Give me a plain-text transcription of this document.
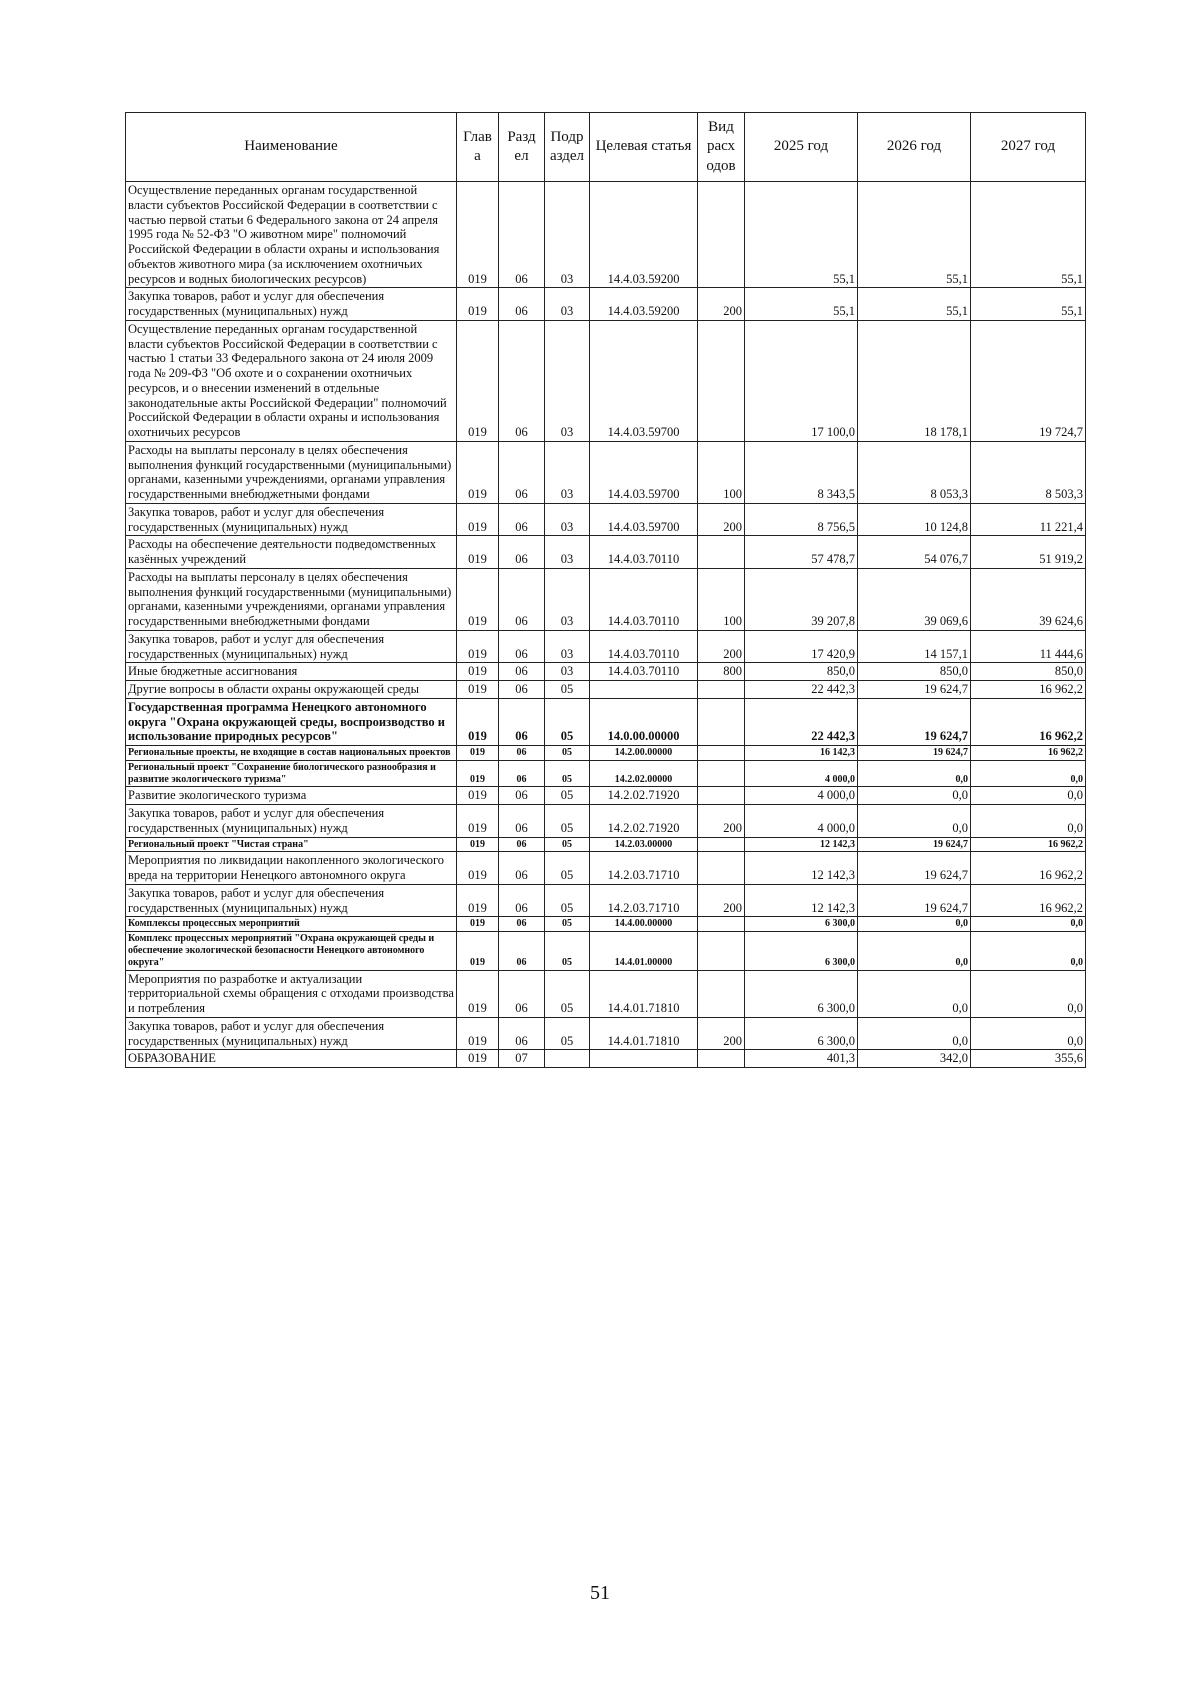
Наименование	Глав а	Разд ел	Подр аздел	Целевая статья	Вид расх одов	2025 год	2026 год	2027 год
Осуществление переданных органам государственной власти субъектов Российской Федерации в соответствии с частью первой статьи 6 Федерального закона от 24 апреля 1995 года № 52-ФЗ "О животном мире" полномочий Российской Федерации в области охраны и использования объектов животного мира (за исключением охотничьих ресурсов и водных биологических ресурсов)	019	06	03	14.4.03.59200		55,1	55,1	55,1
Закупка товаров, работ и услуг для обеспечения государственных (муниципальных) нужд	019	06	03	14.4.03.59200	200	55,1	55,1	55,1
Осуществление переданных органам государственной власти субъектов Российской Федерации в соответствии с частью 1 статьи 33 Федерального закона от 24 июля 2009 года № 209-ФЗ "Об охоте и о сохранении охотничьих ресурсов, и о внесении изменений в отдельные законодательные акты Российской Федерации" полномочий Российской Федерации в области охраны и использования охотничьих ресурсов	019	06	03	14.4.03.59700		17 100,0	18 178,1	19 724,7
Расходы на выплаты персоналу в целях обеспечения выполнения функций государственными (муниципальными) органами, казенными учреждениями, органами управления государственными внебюджетными фондами	019	06	03	14.4.03.59700	100	8 343,5	8 053,3	8 503,3
Закупка товаров, работ и услуг для обеспечения государственных (муниципальных) нужд	019	06	03	14.4.03.59700	200	8 756,5	10 124,8	11 221,4
Расходы на обеспечение деятельности подведомственных казённых учреждений	019	06	03	14.4.03.70110		57 478,7	54 076,7	51 919,2
Расходы на выплаты персоналу в целях обеспечения выполнения функций государственными (муниципальными) органами, казенными учреждениями, органами управления государственными внебюджетными фондами	019	06	03	14.4.03.70110	100	39 207,8	39 069,6	39 624,6
Закупка товаров, работ и услуг для обеспечения государственных (муниципальных) нужд	019	06	03	14.4.03.70110	200	17 420,9	14 157,1	11 444,6
Иные бюджетные ассигнования	019	06	03	14.4.03.70110	800	850,0	850,0	850,0
Другие вопросы в области охраны окружающей среды	019	06	05			22 442,3	19 624,7	16 962,2
Государственная программа Ненецкого автономного округа "Охрана окружающей среды, воспроизводство и использование природных ресурсов"	019	06	05	14.0.00.00000		22 442,3	19 624,7	16 962,2
Региональные проекты, не входящие в состав национальных проектов	019	06	05	14.2.00.00000		16 142,3	19 624,7	16 962,2
Региональный проект "Сохранение биологического разнообразия и развитие экологического туризма"	019	06	05	14.2.02.00000		4 000,0	0,0	0,0
Развитие экологического туризма	019	06	05	14.2.02.71920		4 000,0	0,0	0,0
Закупка товаров, работ и услуг для обеспечения государственных (муниципальных) нужд	019	06	05	14.2.02.71920	200	4 000,0	0,0	0,0
Региональный проект "Чистая страна"	019	06	05	14.2.03.00000		12 142,3	19 624,7	16 962,2
Мероприятия по ликвидации накопленного экологического вреда на территории Ненецкого автономного округа	019	06	05	14.2.03.71710		12 142,3	19 624,7	16 962,2
Закупка товаров, работ и услуг для обеспечения государственных (муниципальных) нужд	019	06	05	14.2.03.71710	200	12 142,3	19 624,7	16 962,2
Комплексы процессных мероприятий	019	06	05	14.4.00.00000		6 300,0	0,0	0,0
Комплекс процессных мероприятий "Охрана окружающей среды и обеспечение экологической безопасности Ненецкого автономного округа"	019	06	05	14.4.01.00000		6 300,0	0,0	0,0
Мероприятия по разработке и актуализации территориальной схемы обращения с отходами производства и потребления	019	06	05	14.4.01.71810		6 300,0	0,0	0,0
Закупка товаров, работ и услуг для обеспечения государственных (муниципальных) нужд	019	06	05	14.4.01.71810	200	6 300,0	0,0	0,0
ОБРАЗОВАНИЕ	019	07				401,3	342,0	355,6
51
